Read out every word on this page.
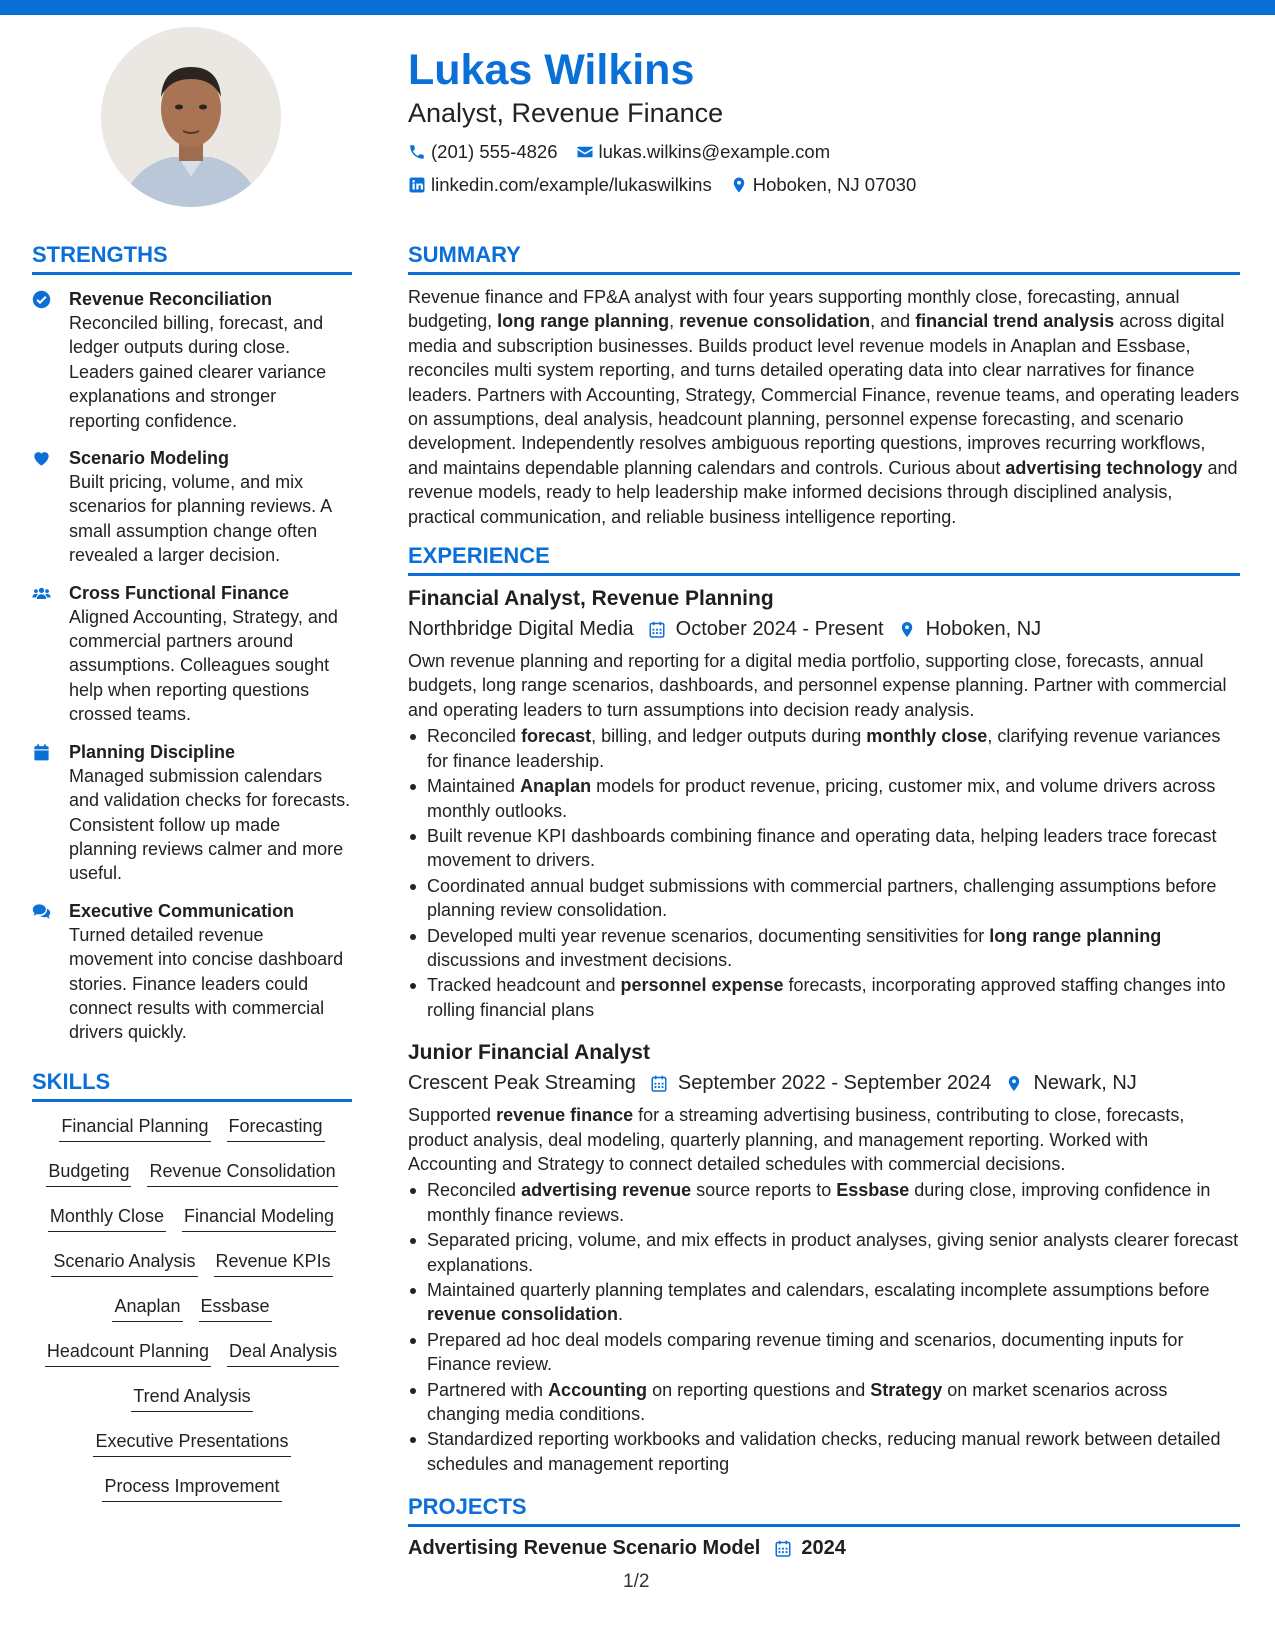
Lukas Wilkins
Analyst, Revenue Finance
(201) 555-4826 lukas.wilkins@example.com
linkedin.com/example/lukaswilkins Hoboken, NJ 07030
STRENGTHS
Revenue Reconciliation
Reconciled billing, forecast, and ledger outputs during close. Leaders gained clearer variance explanations and stronger reporting confidence.
Scenario Modeling
Built pricing, volume, and mix scenarios for planning reviews. A small assumption change often revealed a larger decision.
Cross Functional Finance
Aligned Accounting, Strategy, and commercial partners around assumptions. Colleagues sought help when reporting questions crossed teams.
Planning Discipline
Managed submission calendars and validation checks for forecasts. Consistent follow up made planning reviews calmer and more useful.
Executive Communication
Turned detailed revenue movement into concise dashboard stories. Finance leaders could connect results with commercial drivers quickly.
SKILLS
Financial Planning Forecasting
Budgeting Revenue Consolidation
Monthly Close Financial Modeling
Scenario Analysis Revenue KPIs
Anaplan Essbase
Headcount Planning Deal Analysis
Trend Analysis
Executive Presentations
Process Improvement
SUMMARY
Revenue finance and FP&A analyst with four years supporting monthly close, forecasting, annual budgeting, long range planning, revenue consolidation, and financial trend analysis across digital media and subscription businesses. Builds product level revenue models in Anaplan and Essbase, reconciles multi system reporting, and turns detailed operating data into clear narratives for finance leaders. Partners with Accounting, Strategy, Commercial Finance, revenue teams, and operating leaders on assumptions, deal analysis, headcount planning, personnel expense forecasting, and scenario development. Independently resolves ambiguous reporting questions, improves recurring workflows, and maintains dependable planning calendars and controls. Curious about advertising technology and revenue models, ready to help leadership make informed decisions through disciplined analysis, practical communication, and reliable business intelligence reporting.
EXPERIENCE
Financial Analyst, Revenue Planning
Northbridge Digital Media October 2024 - Present Hoboken, NJ
Own revenue planning and reporting for a digital media portfolio, supporting close, forecasts, annual budgets, long range scenarios, dashboards, and personnel expense planning. Partner with commercial and operating leaders to turn assumptions into decision ready analysis.
Reconciled forecast, billing, and ledger outputs during monthly close, clarifying revenue variances for finance leadership.
Maintained Anaplan models for product revenue, pricing, customer mix, and volume drivers across monthly outlooks.
Built revenue KPI dashboards combining finance and operating data, helping leaders trace forecast movement to drivers.
Coordinated annual budget submissions with commercial partners, challenging assumptions before planning review consolidation.
Developed multi year revenue scenarios, documenting sensitivities for long range planning discussions and investment decisions.
Tracked headcount and personnel expense forecasts, incorporating approved staffing changes into rolling financial plans
Junior Financial Analyst
Crescent Peak Streaming September 2022 - September 2024 Newark, NJ
Supported revenue finance for a streaming advertising business, contributing to close, forecasts, product analysis, deal modeling, quarterly planning, and management reporting. Worked with Accounting and Strategy to connect detailed schedules with commercial decisions.
Reconciled advertising revenue source reports to Essbase during close, improving confidence in monthly finance reviews.
Separated pricing, volume, and mix effects in product analyses, giving senior analysts clearer forecast explanations.
Maintained quarterly planning templates and calendars, escalating incomplete assumptions before revenue consolidation.
Prepared ad hoc deal models comparing revenue timing and scenarios, documenting inputs for Finance review.
Partnered with Accounting on reporting questions and Strategy on market scenarios across changing media conditions.
Standardized reporting workbooks and validation checks, reducing manual rework between detailed schedules and management reporting
PROJECTS
Advertising Revenue Scenario Model 2024
1/2
